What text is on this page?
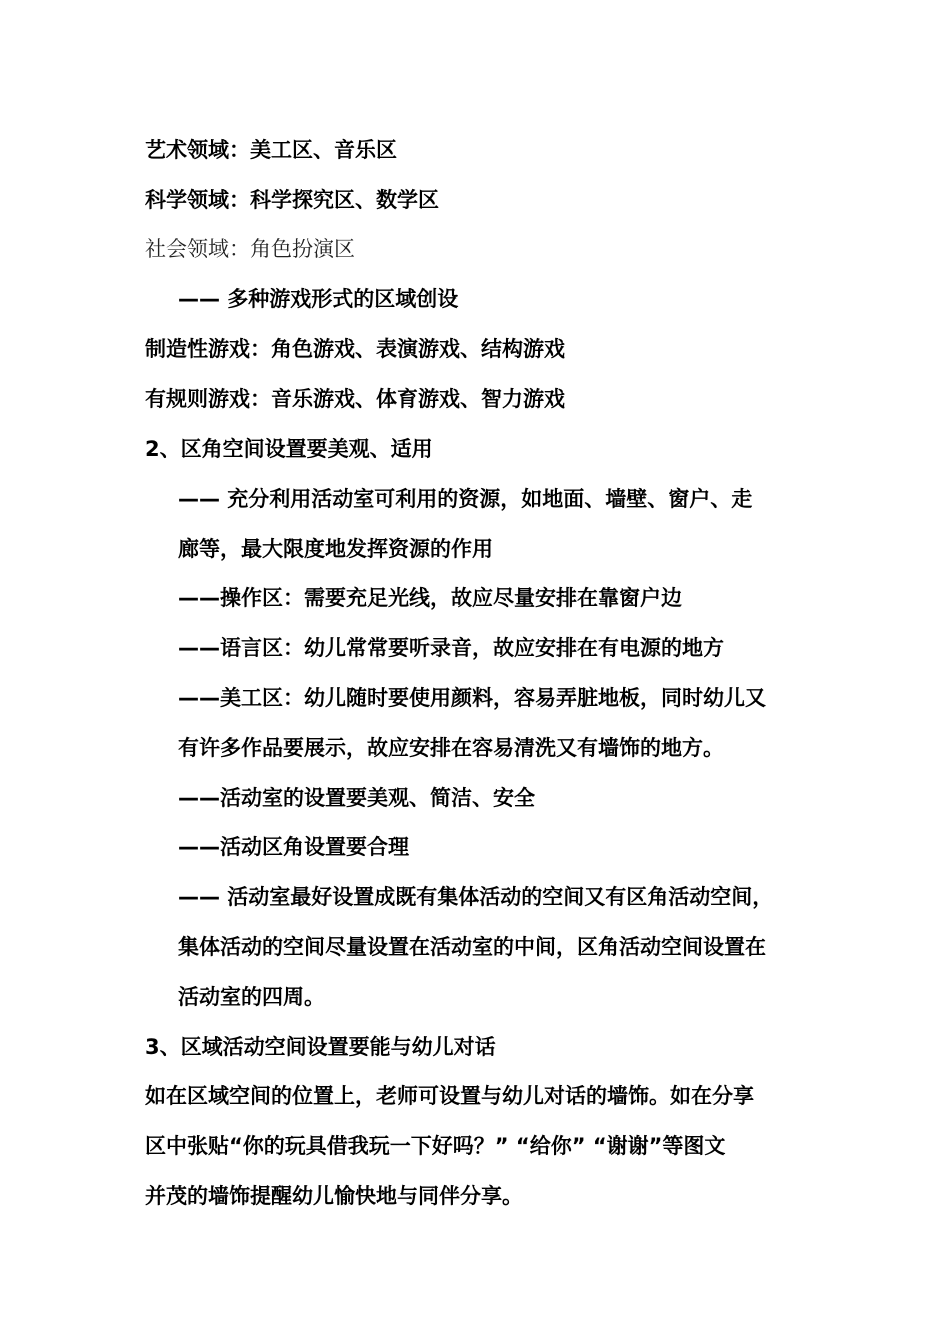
艺术领域：美工区、音乐区
科学领域：科学探究区、数学区
社会领域：角色扮演区
—— 多种游戏形式的区域创设
制造性游戏：角色游戏、表演游戏、结构游戏
有规则游戏：音乐游戏、体育游戏、智力游戏
2、区角空间设置要美观、适用
—— 充分利用活动室可利用的资源，如地面、墙壁、窗户、走
廊等，最大限度地发挥资源的作用
——操作区：需要充足光线，故应尽量安排在靠窗户边
——语言区：幼儿常常要听录音，故应安排在有电源的地方
——美工区：幼儿随时要使用颜料，容易弄脏地板，同时幼儿又
有许多作品要展示，故应安排在容易清洗又有墙饰的地方。
——活动室的设置要美观、简洁、安全
——活动区角设置要合理
—— 活动室最好设置成既有集体活动的空间又有区角活动空间，
集体活动的空间尽量设置在活动室的中间，区角活动空间设置在
活动室的四周。
3、区域活动空间设置要能与幼儿对话
如在区域空间的位置上，老师可设置与幼儿对话的墙饰。如在分享
区中张贴“你的玩具借我玩一下好吗？” “给你” “谢谢”等图文
并茂的墙饰提醒幼儿愉快地与同伴分享。
